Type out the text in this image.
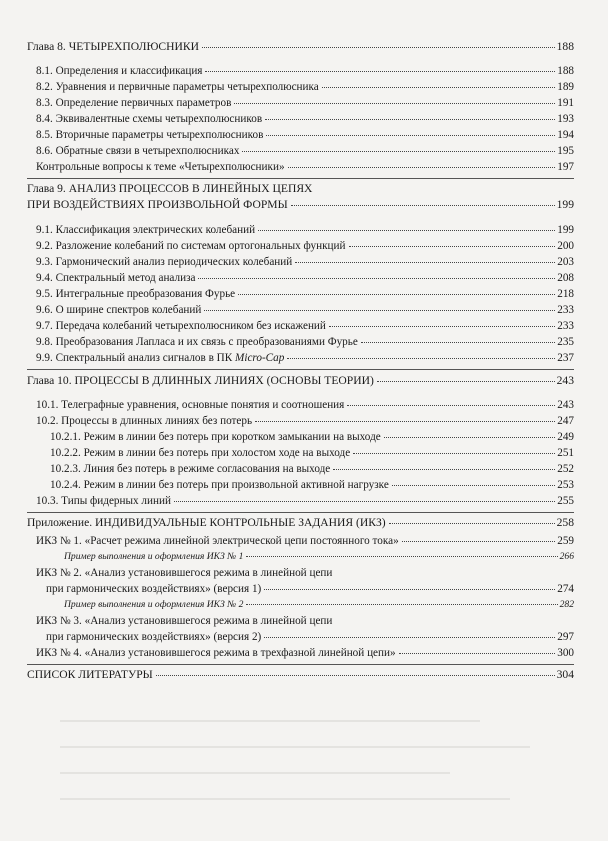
Глава 8. ЧЕТЫРЕХПОЛЮСНИКИ	188
8.1. Определения и классификация	188
8.2. Уравнения и первичные параметры четырехполюсника	189
8.3. Определение первичных параметров	191
8.4. Эквивалентные схемы четырехполюсников	193
8.5. Вторичные параметры четырехполюсников	194
8.6. Обратные связи в четырехполюсниках	195
Контрольные вопросы к теме «Четырехполюсники»	197
Глава 9. АНАЛИЗ ПРОЦЕССОВ В ЛИНЕЙНЫХ ЦЕПЯХ
ПРИ ВОЗДЕЙСТВИЯХ ПРОИЗВОЛЬНОЙ ФОРМЫ	199
9.1. Классификация электрических колебаний	199
9.2. Разложение колебаний по системам ортогональных функций	200
9.3. Гармонический анализ периодических колебаний	203
9.4. Спектральный метод анализа	208
9.5. Интегральные преобразования Фурье	218
9.6. О ширине спектров колебаний	233
9.7. Передача колебаний четырехполюсником без искажений	233
9.8. Преобразования Лапласа и их связь с преобразованиями Фурье	235
9.9. Спектральный анализ сигналов в ПК Micro-Cap	237
Глава 10. ПРОЦЕССЫ В ДЛИННЫХ ЛИНИЯХ (ОСНОВЫ ТЕОРИИ)	243
10.1. Телеграфные уравнения, основные понятия и соотношения	243
10.2. Процессы в длинных линиях без потерь	247
10.2.1. Режим в линии без потерь при коротком замыкании на выходе	249
10.2.2. Режим в линии без потерь при холостом ходе на выходе	251
10.2.3. Линия без потерь в режиме согласования на выходе	252
10.2.4. Режим в линии без потерь при произвольной активной нагрузке	253
10.3. Типы фидерных линий	255
Приложение. ИНДИВИДУАЛЬНЫЕ КОНТРОЛЬНЫЕ ЗАДАНИЯ (ИКЗ)	258
ИКЗ № 1. «Расчет режима линейной электрической цепи постоянного тока»	259
Пример выполнения и оформления ИКЗ № 1	266
ИКЗ № 2. «Анализ установившегося режима в линейной цепи
при гармонических воздействиях» (версия 1)	274
Пример выполнения и оформления ИКЗ № 2	282
ИКЗ № 3. «Анализ установившегося режима в линейной цепи
при гармонических воздействиях» (версия 2)	297
ИКЗ № 4. «Анализ установившегося режима в трехфазной линейной цепи»	300
СПИСОК ЛИТЕРАТУРЫ	304
